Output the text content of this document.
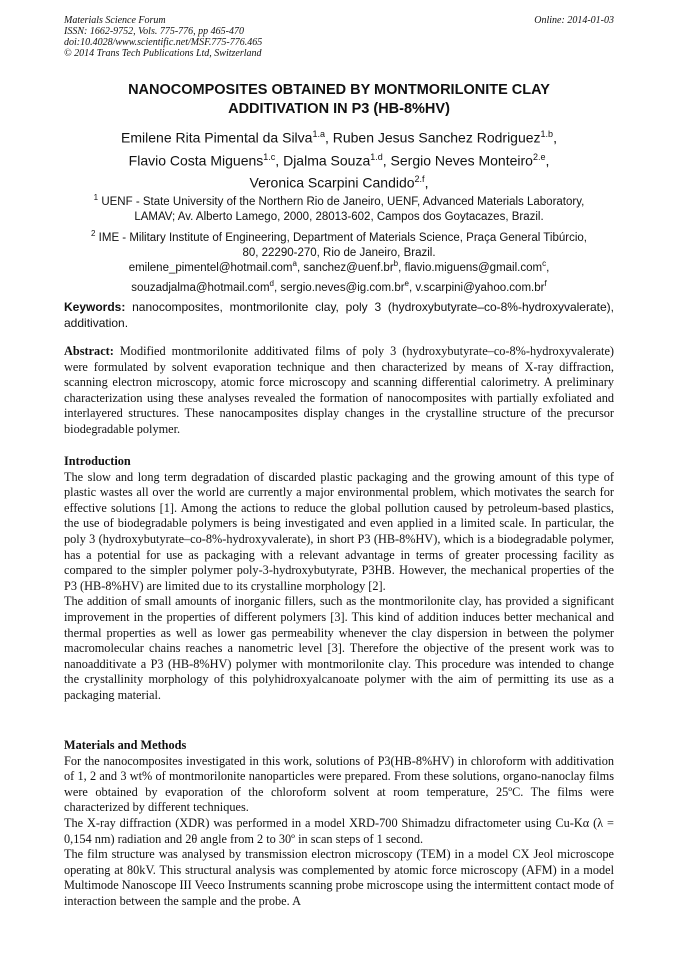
Materials Science Forum
ISSN: 1662-9752, Vols. 775-776, pp 465-470
doi:10.4028/www.scientific.net/MSF.775-776.465
© 2014 Trans Tech Publications Ltd, Switzerland
Online: 2014-01-03
NANOCOMPOSITES OBTAINED BY MONTMORILONITE CLAY
ADDITIVATION IN P3 (HB-8%HV)
Emilene Rita Pimental da Silva$^{1.a}$, Ruben Jesus Sanchez Rodriguez$^{1.b}$,
Flavio Costa Miguens$^{1.c}$, Djalma Souza$^{1.d}$, Sergio Neves Monteiro$^{2.e}$,
Veronica Scarpini Candido$^{2.f}$,
$^1$ UENF - State University of the Northern Rio de Janeiro, UENF, Advanced Materials Laboratory,
LAMAV; Av. Alberto Lamego, 2000, 28013-602, Campos dos Goytacazes, Brazil.
$^2$ IME - Military Institute of Engineering, Department of Materials Science, Praça General Tibúrcio,
80, 22290-270, Rio de Janeiro, Brazil.
emilene_pimentel@hotmail.com$^a$, $sanchez@uenf.br^b$, flavio.miguens@gmail.com$^c$,
souzadjalma@hotmail.com$^d$, $sergio.neves@ig.com.br^e$, $v.scarpini@yahoo.com.br^f$
Keywords: nanocomposites, montmorilonite clay, poly 3 (hydroxybutyrate–co-8%-hydroxyvalerate), additivation.

Abstract: Modified montmorilonite additivated films of poly 3 (hydroxybutyrate–co-8%-hydroxyvalerate) were formulated by solvent evaporation technique and then characterized by means of X-ray diffraction, scanning electron microscopy, atomic force microscopy and scanning differential calorimetry. A preliminary characterization using these analyses revealed the formation of nanocomposites with partially exfoliated and interlayered structures. These nanocamposites display changes in the crystalline structure of the precursor biodegradable polymer.

Introduction

The slow and long term degradation of discarded plastic packaging and the growing amount of this type of plastic wastes all over the world are currently a major environmental problem, which motivates the search for effective solutions [1]. Among the actions to reduce the global pollution caused by petroleum-based plastics, the use of biodegradable polymers is being investigated and even applied in a limited scale. In particular, the poly 3 (hydroxybutyrate–co-8%-hydroxyvalerate), in short P3 (HB-8%HV), which is a biodegradable polymer, has a potential for use as packaging with a relevant advantage in terms of greater processing facility as compared to the simpler polymer poly-3-hydroxybutyrate, P3HB. However, the mechanical properties of the P3 (HB-8%HV) are limited due to its crystalline morphology [2].

The addition of small amounts of inorganic fillers, such as the montmorilonite clay, has provided a significant improvement in the properties of different polymers [3]. This kind of addition induces better mechanical and thermal properties as well as lower gas permeability whenever the clay dispersion in between the polymer macromolecular chains reaches a nanometric level [3]. Therefore the objective of the present work was to nanoadditivate a P3 (HB-8%HV) polymer with montmorilonite clay. This procedure was intended to change the crystallinity morphology of this polyhidroxyalcanoate polymer with the aim of permitting its use as a packaging material.

Materials and Methods

For the nanocomposites investigated in this work, solutions of P3(HB-8%HV) in chloroform with additivation of 1, 2 and 3 wt% of montmorilonite nanoparticles were prepared. From these solutions, organo-nanoclay films were obtained by evaporation of the chloroform solvent at room temperature, 25ºC. The films were characterized by different techniques.

The X-ray diffraction (XDR) was performed in a model XRD-700 Shimadzu difractometer using Cu-Kα (λ = 0,154 nm) radiation and 2θ angle from 2 to 30º in scan steps of 1 second.

The film structure was analysed by transmission electron microscopy (TEM) in a model CX Jeol microscope operating at 80kV. This structural analysis was complemented by atomic force microscopy (AFM) in a model Multimode Nanoscope III Veeco Instruments scanning probe microscope using the intermittent contact mode of interaction between the sample and the probe. A
